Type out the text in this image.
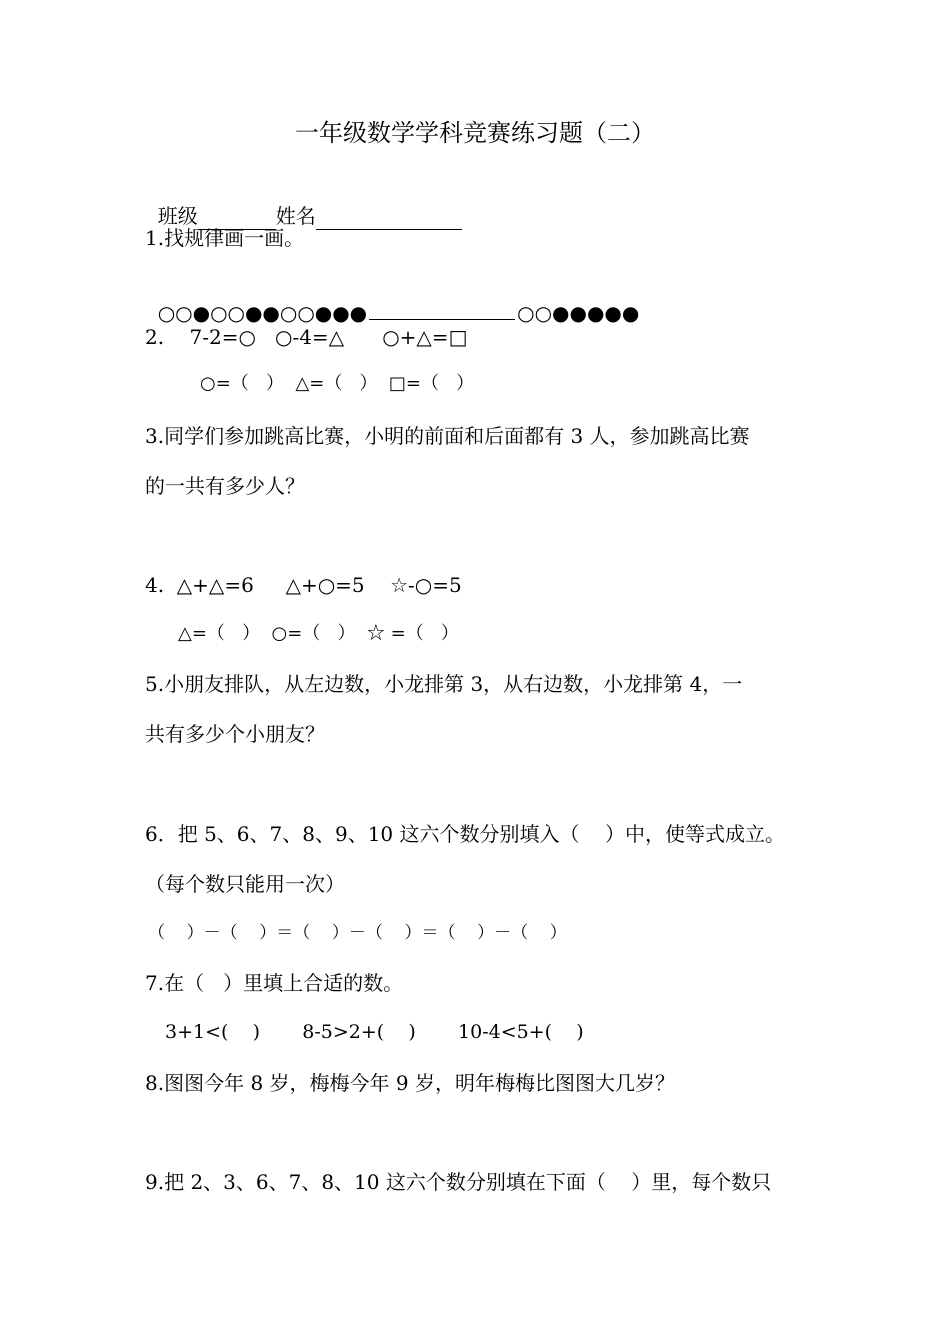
一年级数学学科竞赛练习题（二）

班级	姓名

1.找规律画一画。

○○●○○●●○○●●●	○○●●●●●

2.    7-2=○   ○-4=△      ○+△=□
○=（   ）  △=（   ）  □=（   ）
3.同学们参加跳高比赛，小明的前面和后面都有 3 人，参加跳高比赛
的一共有多少人？
4.  △+△=6     △+○=5    ☆-○=5
△=（   ）  ○=（   ）  ☆ =（   ）
5.小朋友排队，从左边数，小龙排第 3，从右边数，小龙排第 4，一
共有多少个小朋友？
6．把 5、6、7、8、9、10 这六个数分别填入（    ）中，使等式成立。
（每个数只能用一次）
（    ）－（    ）＝（    ）－（    ）＝（    ）－（    ）
7.在（   ）里填上合适的数。
3+1<(    )       8-5>2+(    )       10-4<5+(    )
8.图图今年 8 岁，梅梅今年 9 岁，明年梅梅比图图大几岁？
9.把 2、3、6、7、8、10 这六个数分别填在下面（    ）里，每个数只
